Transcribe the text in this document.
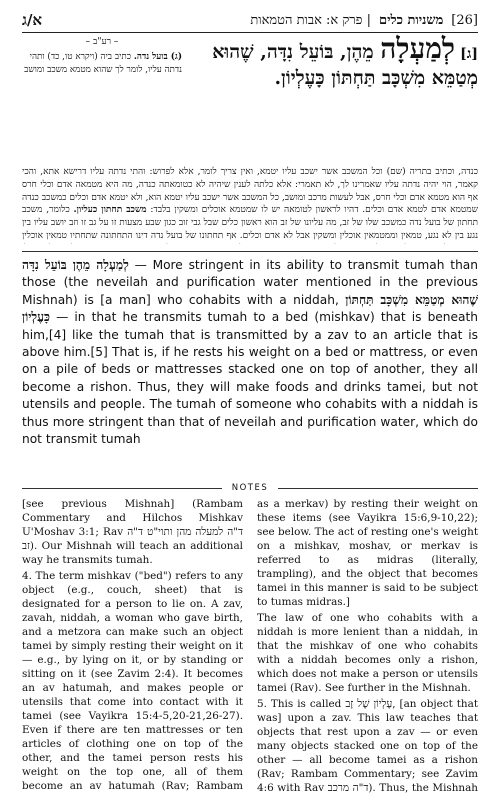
א/ג	[26]
משניות כלים
| פרק א: אבות הטמאות
[ג] לְמַעְלָה מֵהֶן, בּוֹעֵל נִדָּה, שֶׁהוּא מְטַמֵּא מִשְׁכָּב תַּחְתּוֹן כָּעֶלְיוֹן.
– רע"ב –
(ג) בועל נדה. כתיב ביה (ויקרא טו, כד) ותהי נדתה עליו, לומר לך שהוא מטמא משכב ומושב
כנדה, וכתיב בתריה (שם) וכל המשכב אשר ישכב עליו יטמא, ואין צריך לומר, אלא לפרוש: והתי נדתה עליו דרישא אתא, והכי קאמר, הוי יהיה נדתה עליו שאמרינו לך, לא תאמרי: אלא כלתה לענין שיהיה לא כטומאתה כנדה, מה היא מטמאה אדם וכלי חרס אף הוא מטמא אדם וכלי חרס, אבל לעשות מרכב ומושב, כל המשכב אשר ישכב עליו יטמא הוא, ולא יטמא אדם וכלים כמשכב כנדה שמטמא אדם לטמא אדם וכלים. דהיו לראשון לטומאה יש לו שמטמא אוכלים ומשקין בלבד: משכב תחתון כעליון. כלומר, משכב תחתון של בועל נדה כמשכב שלו של זב, מה עליונו של זב הוא ראשון כלים שבל גבי זוב כגון שבע מצעות זו על גב זו וזב יושב עליו בין נגע בין לא נגע, טמאין וממטמאין אוכלין ומשקין אבל לא אדם וכלים. אף תחתונו של בועל נדה דינו התחתונה שתחתיו טמאין אוכלין
לְמַעְלָה מֵהֶן בּוֹעֵל נִדָּה — More stringent in its ability to transmit tumah than those (the neveilah and purification water mentioned in the previous Mishnah) is [a man] who cohabits with a niddah, שֶׁהוּא מְטַמֵּא מִשְׁכָּב תַּחְתּוֹן כָּעֶלְיוֹן — in that he transmits tumah to a bed (mishkav) that is beneath him,[4] like the tumah that is transmitted by a zav to an article that is above him.[5] That is, if he rests his weight on a bed or mattress, or even on a pile of beds or mattresses stacked one on top of another, they all become a rishon. Thus, they will make foods and drinks tamei, but not utensils and people. The tumah of someone who cohabits with a niddah is thus more stringent than that of neveilah and purification water, which do not transmit tumah
NOTES

[see previous Mishnah] (Rambam Commentary and Hilchos Mishkav U'Moshav 3:1; Rav ד"ה למעלה מהן ותוי"ט ד"ה זב). Our Mishnah will teach an additional way he transmits tumah.

4. The term mishkav ("bed") refers to any object (e.g., couch, sheet) that is designated for a person to lie on. A zav, zavah, niddah, a woman who gave birth, and a metzora can make such an object tamei by simply resting their weight on it — e.g., by lying on it, or by standing or sitting on it (see Zavim 2:4). It becomes an av hatumah, and makes people or utensils that come into contact with it tamei (see Vayikra 15:4-5,20-21,26-27). Even if there are ten mattresses or ten articles of clothing one on top of the other, and the tamei person rests his weight on the top one, all of them become an av hatumah (Rav; Rambam

as a merkav) by resting their weight on these items (see Vayikra 15:6,9-10,22); see below. The act of resting one's weight on a mishkav, moshav, or merkav is referred to as midras (literally, trampling), and the object that becomes tamei in this manner is said to be subject to tumas midras.]

The law of one who cohabits with a niddah is more lenient than a niddah, in that the mishkav of one who cohabits with a niddah becomes only a rishon, which does not make a person or utensils tamei (Rav). See further in the Mishnah.

5. This is called עֶלְיוֹן שֶׁל זָב, [an object that was] upon a zav. This law teaches that objects that rest upon a zav — or even many objects stacked one on top of the other — all become tamei as a rishon (Rav; Rambam Commentary; see Zavim 4:6 with Rav ד"ה מרכב). Thus, the Mishnah
